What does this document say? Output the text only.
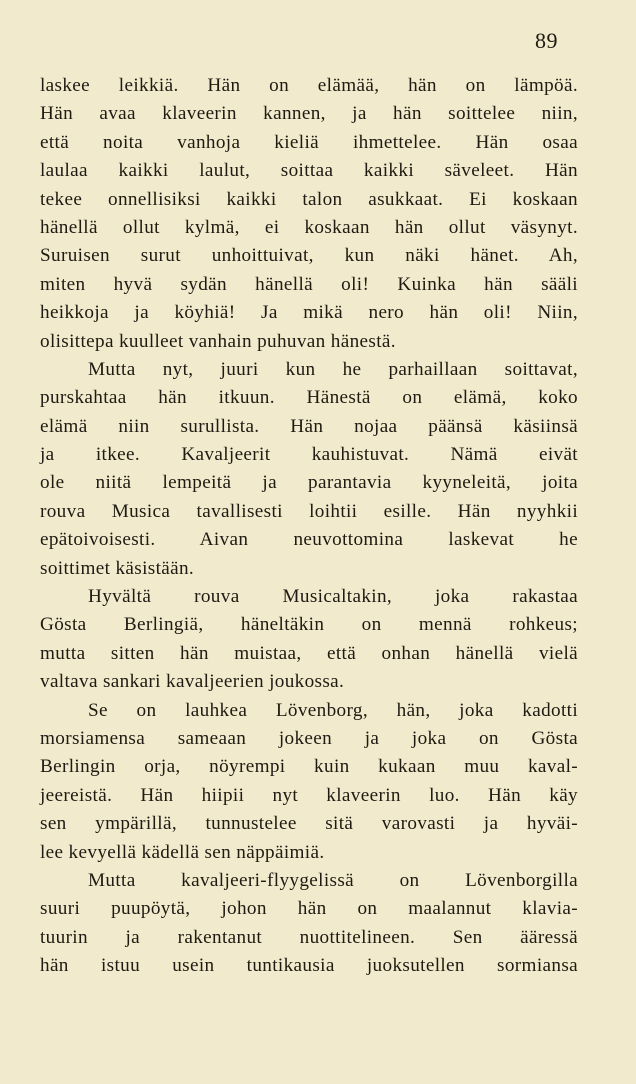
89
laskee leikkiä. Hän on elämää, hän on lämpöä.
Hän avaa klaveerin kannen, ja hän soittelee niin,
että noita vanhoja kieliä ihmettelee. Hän osaa
laulaa kaikki laulut, soittaa kaikki säveleet. Hän
tekee onnellisiksi kaikki talon asukkaat. Ei koskaan
hänellä ollut kylmä, ei koskaan hän ollut väsynyt.
Suruisen surut unhoittuivat, kun näki hänet. Ah,
miten hyvä sydän hänellä oli! Kuinka hän sääli
heikkoja ja köyhiä! Ja mikä nero hän oli! Niin,
olisittepa kuulleet vanhain puhuvan hänestä.
Mutta nyt, juuri kun he parhaillaan soittavat,
purskahtaa hän itkuun. Hänestä on elämä, koko
elämä niin surullista. Hän nojaa päänsä käsiinsä
ja itkee. Kavaljeerit kauhistuvat. Nämä eivät
ole niitä lempeitä ja parantavia kyyneleitä, joita
rouva Musica tavallisesti loihtii esille. Hän nyyhkii
epätoivoisesti. Aivan neuvottomina laskevat he
soittimet käsistään.
Hyvältä rouva Musicaltakin, joka rakastaa
Gösta Berlingiä, häneltäkin on mennä rohkeus;
mutta sitten hän muistaa, että onhan hänellä vielä
valtava sankari kavaljeerien joukossa.
Se on lauhkea Lövenborg, hän, joka kadotti
morsiamensa sameaan jokeen ja joka on Gösta
Berlingin orja, nöyrempi kuin kukaan muu kaval-
jeereistä. Hän hiipii nyt klaveerin luo. Hän käy
sen ympärillä, tunnustelee sitä varovasti ja hyväi-
lee kevyellä kädellä sen näppäimiä.
Mutta kavaljeeri-flyygelissä on Lövenborgilla
suuri puupöytä, johon hän on maalannut klavia-
tuurin ja rakentanut nuottitelineen. Sen ääressä
hän istuu usein tuntikausia juoksutellen sormiansa
